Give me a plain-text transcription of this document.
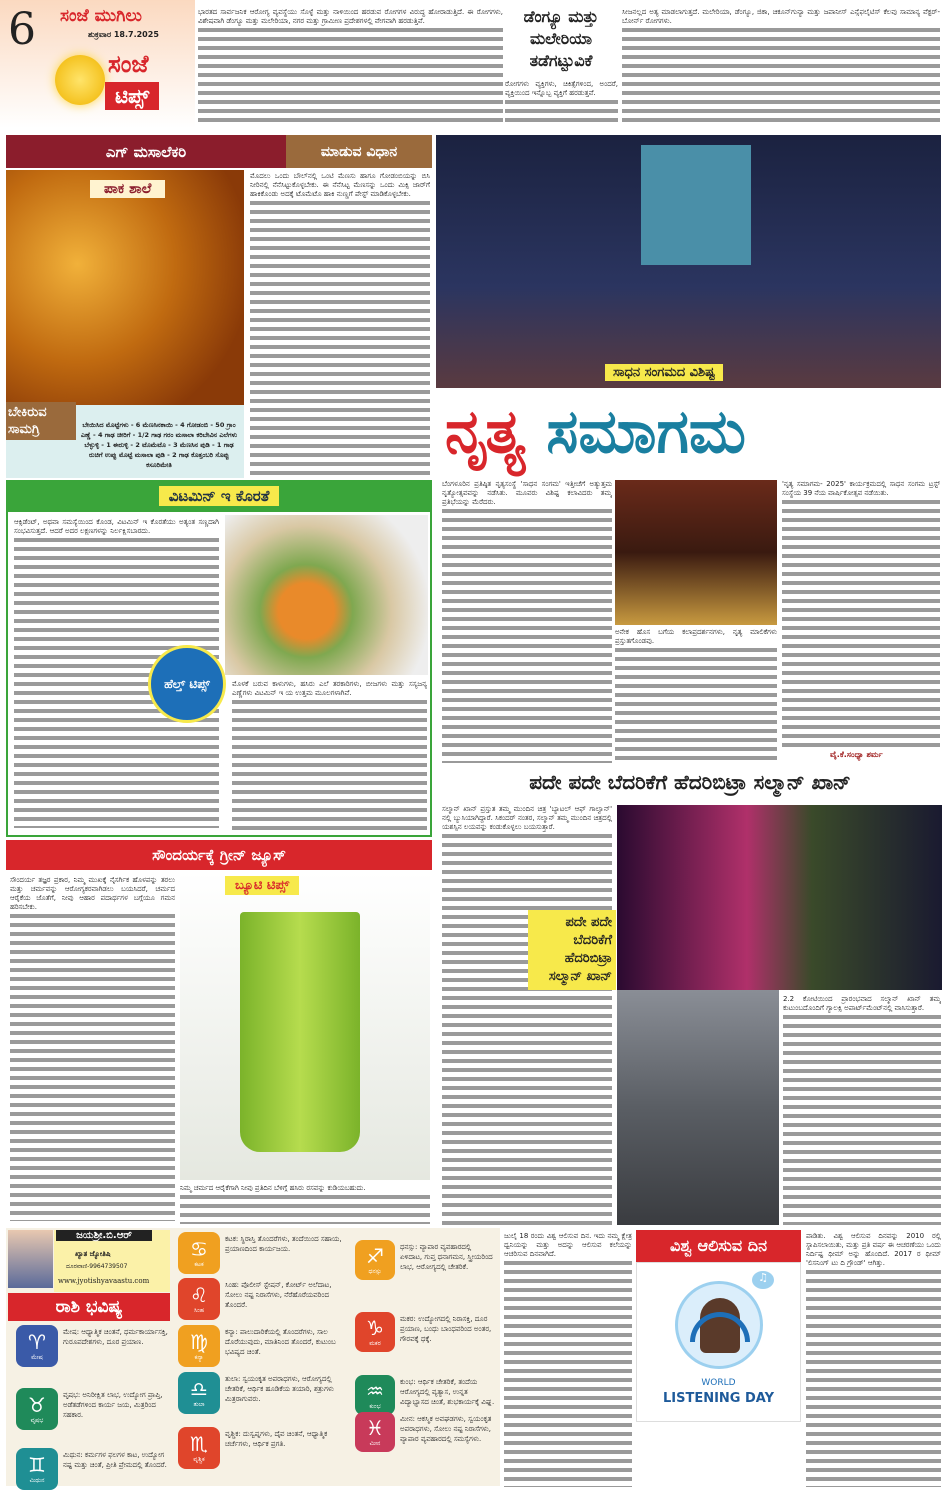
6 ಸಂಜೆ ಮುಗಿಲು
ಶುಕ್ರವಾರ 18.7.2025
ಸಂಜೆ
ಟಿಪ್ಸ್

ಭಾರತದ ಸಾರ್ವಜನಿಕ ಆರೋಗ್ಯ ವ್ಯವಸ್ಥೆಯು ಸೊಳ್ಳೆ ಮತ್ತು ನಾಳಿಯಿಂದ ಹರಡುವ ರೋಗಗಳ ವಿರುದ್ಧ ಹೋರಾಡುತ್ತಿದೆ. ಈ ರೋಗಗಳು, ವಿಶೇಷವಾಗಿ ಡೆಂಗ್ಯೂ ಮತ್ತು ಮಲೇರಿಯಾ, ನಗರ ಮತ್ತು ಗ್ರಾಮೀಣ ಪ್ರದೇಶಗಳಲ್ಲಿ ವೇಗವಾಗಿ ಹರಡುತ್ತಿವೆ.	ಡೆಂಗ್ಯೂ ಮತ್ತು ಮಲೇರಿಯಾ ತಡೆಗಟ್ಟುವಿಕೆ

ರೋಗಗಳು ವ್ಯಕ್ತಿಗಳು, ಚಿಕಿತ್ಸೆಗಳಿಂದ, ಅಂದರೆ, ವ್ಯಕ್ತಿಯಿಂದ ಇನ್ನೊಬ್ಬ ವ್ಯಕ್ತಿಗೆ ಹರಡುತ್ತವೆ.

ಸೀಜನಲ್ಲದ ಅತ್ಯ ಮಾಡಲಾಗುತ್ತದೆ. ಮಲೇರಿಯಾ, ಡೆಂಗ್ಯೂ, ಜಿಕಾ, ಚಿಕೂನ್‌ಗುನ್ಯಾ ಮತ್ತು ಜಪಾನೀಸ್ ಎನ್ಸೆಫಲೈಟಿಸ್ ಕೆಲವು ಸಾಮಾನ್ಯ ವೆಕ್ಟರ್-ಬೋರ್ನ್ ರೋಗಗಳು.

ಎಗ್ ಮಸಾಲೆಕರಿ	ಮಾಡುವ ವಿಧಾನ
ಪಾಕ ಶಾಲೆ
ಬೇಕಿರುವ ಸಾಮಗ್ರಿ	ಬೇಯಿಸಿದ ಮೊಟ್ಟೆಗಳು - 6 ಮೆಣಸಿನಕಾಯಿ - 4 ಗೋಡಂಬಿ - 50 ಗ್ರಾಂ ಎಣ್ಣೆ - 4 ಗಾಢ ಚೀರಿಗೆ - 1/2 ಗಾಢ ಗರಂ ಮಸಾಲಾ ಕರಿಬೇವಿನ ಎಲೆಗಳು ಬೆಳ್ಳುಳ್ಳಿ - 1 ಈರುಳ್ಳಿ - 2 ಟೊಮೆಟೊ - 3 ಮೆಣಸಿನ ಪುಡಿ - 1 ಗಾಢ ರುಚಿಗೆ ಉಪ್ಪು ಮೊಟ್ಟೆ ಮಸಾಲಾ ಪುಡಿ - 2 ಗಾಢ ಕೊತ್ತಂಬರಿ ಸೊಪ್ಪು ಕಸೂರಿಮೇತಿ

ಮೊದಲು ಒಂದು ಬೌಲ್‌ನಲ್ಲಿ ಒಂಟಿ ಮೆಣಸು ಹಾಗೂ ಗೋಡಂಬಿಯನ್ನು ಬಿಸಿ ನೀರಿನಲ್ಲಿ ನೆನೆಸಿಟ್ಟುಕೊಳ್ಳಬೇಕು. ಈ ನೆನೆಸಿಟ್ಟ ಮೆಣಸನ್ನು ಒಂದು ಮಿಕ್ಸಿ ಜಾರ್‌ಗೆ ಹಾಕಿಕೊಂಡು ಅದಕ್ಕೆ ಟೊಮೆಟೊ ಹಾಕಿ ನುಣ್ಣಗೆ ಪೇಸ್ಟ್ ಮಾಡಿಕೊಳ್ಳಬೇಕು.

ವಿಟಮಿನ್ ಇ ಕೊರತೆ

ಆಕ್ಸಿಡೆಂಟ್, ಅಥವಾ ಸಮಸ್ಯೆಯಿಂದ ಕೊಂಡ, ವಿಟಮಿನ್ ಇ ಕೊರತೆಯು ಅತ್ಯಂತ ಸಣ್ಣದಾಗಿ ಸಂಭವಿಸುತ್ತದೆ. ಆದರೆ ಅದರ ಲಕ್ಷಣಗಳನ್ನು ನಿರ್ಲಕ್ಷಿಸಬಾರದು.

ಹೆಲ್ತ್ ಟಿಪ್ಸ್	ಮೊಳಕೆ ಬರುವ ಕಾಳುಗಳು, ಹಸಿರು ಎಲೆ ತರಕಾರಿಗಳು, ಬೀಜಗಳು ಮತ್ತು ಸಸ್ಯಜನ್ಯ ಎಣ್ಣೆಗಳು ವಿಟಮಿನ್ ಇ ಯ ಉತ್ತಮ ಮೂಲಗಳಾಗಿವೆ.

ಸೌಂದರ್ಯಕ್ಕೆ ಗ್ರೀನ್ ಜ್ಯೂಸ್
ಬ್ಯೂಟಿ ಟಿಪ್ಸ್

ಸೌಂದರ್ಯ ತಜ್ಞರ ಪ್ರಕಾರ, ನಿಮ್ಮ ಮುಖಕ್ಕೆ ನೈಸರ್ಗಿಕ ಹೊಳಪನ್ನು ತರಲು ಮತ್ತು ಚರ್ಮವನ್ನು ಆರೋಗ್ಯಕರವಾಗಿಡಲು ಬಯಸಿದರೆ, ಚರ್ಮದ ಆರೈಕೆಯ ಜೊತೆಗೆ, ನೀವು ಆಹಾರ ಪದಾರ್ಥಗಳ ಬಗ್ಗೆಯೂ ಗಮನ ಹರಿಸಬೇಕು.

ನಿಮ್ಮ ಚರ್ಮದ ಆರೈಕೆಗಾಗಿ ನೀವು ಪ್ರತಿದಿನ ಬೆಳಿಗ್ಗೆ ಹಸಿರು ರಸವನ್ನು ಕುಡಿಯಬಹುದು.

ಸಾಧನ ಸಂಗಮದ ವಿಶಿಷ್ಟ
ನೃತ್ಯ ಸಮಾಗಮ

ಬೆಂಗಳೂರಿನ ಪ್ರತಿಷ್ಠಿತ ನೃತ್ಯಸಂಸ್ಥೆ 'ಸಾಧನ ಸಂಗಮ' ಇತ್ತೀಚೆಗೆ ಅತ್ಯುತ್ತಮ ನೃತ್ಯೋತ್ಸವವನ್ನು ನಡೆಸಿತು. ಮೂವರು ವಿಶಿಷ್ಟ ಕಲಾವಿದರು ತಮ್ಮ ಪ್ರತಿಭೆಯನ್ನು ಮೆರೆದರು.

ಅನೇಕ ಹೊಸ ಬಗೆಯ ಕಲಾಪ್ರದರ್ಶನಗಳು, ನೃತ್ಯ ಮಾಲಿಕೆಗಳು ಪ್ರಸ್ತುತಗೊಂಡವು.

'ನೃತ್ಯ ಸಮಾಗಮ- 2025' ಕಾರ್ಯಕ್ರಮದಲ್ಲಿ ಸಾಧನ ಸಂಗಮ ಟ್ರಸ್ಟ್ ಸಂಸ್ಥೆಯ 39 ನೆಯ ವಾರ್ಷಿಕೋತ್ಸವ ನಡೆಯಿತು.

ವೈ.ಕೆ.ಸಂಧ್ಯಾ ಶರ್ಮ
ಪದೇ ಪದೇ ಬೆದರಿಕೆಗೆ ಹೆದರಿಬಿಟ್ರಾ ಸಲ್ಮಾನ್ ಖಾನ್

ಸಲ್ಮಾನ್ ಖಾನ್ ಪ್ರಸ್ತುತ ತಮ್ಮ ಮುಂದಿನ ಚಿತ್ರ 'ಬ್ಯಾಟಲ್ ಆಫ್ ಗಾಲ್ವಾನ್' ನಲ್ಲಿ ಬ್ಯುಸಿಯಾಗಿದ್ದಾರೆ. ಸಿಕಂದರ್ ನಂತರ, ಸಲ್ಮಾನ್ ತಮ್ಮ ಮುಂದಿನ ಚಿತ್ರದಲ್ಲಿ ಯಶಸ್ಸಿನ ಲಯವನ್ನು ಕಂಡುಕೊಳ್ಳಲು ಬಯಸುತ್ತಾರೆ.

ಪದೇ ಪದೇ ಬೆದರಿಕೆಗೆ ಹೆದರಿಬಿಟ್ರಾ ಸಲ್ಮಾನ್ ಖಾನ್

2.2 ಕೋಟಿಯಿಂದ ಪ್ರಾರಂಭವಾದ ಸಲ್ಮಾನ್ ಖಾನ್ ತಮ್ಮ ಕುಟುಂಬದೊಂದಿಗೆ ಗ್ಯಾಲಕ್ಸಿ ಅಪಾರ್ಟ್‌ಮೆಂಟ್‌ನಲ್ಲಿ ವಾಸಿಸುತ್ತಾರೆ.

ಜಯಶ್ರೀ.ಬಿ.ಆರ್
ಖ್ಯಾತ ಜ್ಯೋತಿಷಿ
ದೂರವಾಣಿ-9964739507
www.jyotishyavaastu.com
ರಾಶಿ ಭವಿಷ್ಯ
♈
ಮೇಷ
ಮೇಷ: ಆಧ್ಯಾತ್ಮಿಕ ಚಿಂತನೆ, ಧರ್ಮಕಾರ್ಯಾಸಕ್ತಿ, ಗುರೂಪದೇಶಗಳು, ದೂರ ಪ್ರಯಾಣ.
♉
ವೃಷಭ
ವೃಷಭ: ಅನಿರೀಕ್ಷಿತ ಲಾಭ, ಉದ್ಯೋಗ ಪ್ರಾಪ್ತಿ, ಅಡೆತಡೆಗಳಿಂದ ಕಾರ್ಯ ಜಯ, ಮಿತ್ರರಿಂದ ಸಹಕಾರ.
♊
ಮಿಥುನ
ಮಿಥುನ: ಕರ್ಮಗಳ ಫಲಗಳ ಕಾಟ, ಉದ್ಯೋಗ ನಷ್ಟ ಮತ್ತು ಚಿಂತೆ, ಪ್ರೀತಿ ಪ್ರೇಮದಲ್ಲಿ ತೊಂದರೆ.
♋
ಕಟಕ
ಕಟಕ: ಸ್ಥಿರಾಸ್ತಿ ತೊಂದರೆಗಳು, ತಂದೆಯಿಂದ ಸಹಾಯ, ಪ್ರಯಾಣದಿಂದ ಕಾರ್ಯಜಯ.
♌
ಸಿಂಹ
ಸಿಂಹ: ಪೊಲೀಸ್ ಸ್ಟೇಷನ್, ಕೋರ್ಟ್ ಅಲೆದಾಟ, ಸೋಲು ನಷ್ಟ ನಿರಾಸೆಗಳು, ನೆರೆಹೊರೆಯವರಿಂದ ತೊಂದರೆ.
♍
ಕನ್ಯಾ
ಕನ್ಯಾ: ಪಾಲುದಾರಿಕೆಯಲ್ಲಿ ತೊಂದರೆಗಳು, ಸಾಲ ದೊರೆಯುವುದು, ಮಾತಿನಿಂದ ತೊಂದರೆ, ಕುಟುಂಬ ಭವಿಷ್ಯದ ಚಿಂತೆ.
♎
ತುಲಾ
ತುಲಾ: ಸ್ವಯಂಕೃತ ಅಪರಾಧಗಳು, ಆರೋಗ್ಯದಲ್ಲಿ ಚೇತರಿಕೆ, ಆರ್ಥಿಕ ಹೂಡಿಕೆಯ ತಯಾರಿ, ಶತ್ರುಗಳು ಮಿತ್ರರಾಗುವರು.
♏
ವೃಶ್ಚಿಕ
ವೃಶ್ಚಿಕ: ದುಸ್ವಪ್ನಗಳು, ದೈವ ಚಿಂತನೆ, ಆಧ್ಯಾತ್ಮಿಕ ಚರ್ಚೆಗಳು, ಆರ್ಥಿಕ ಪ್ರಗತಿ.
♐
ಧನಸ್ಸು
ಧನಸ್ಸು: ವ್ಯಾಪಾರ ವ್ಯವಹಾರದಲ್ಲಿ ಏಳಿದಾಟ, ಗುಪ್ತ ಧನಾಗಮನ, ಸ್ತ್ರೀಯರಿಂದ ಲಾಭ, ಆರೋಗ್ಯದಲ್ಲಿ ಚೇತರಿಕೆ.
♑
ಮಕರ
ಮಕರ: ಉದ್ಯೋಗದಲ್ಲಿ ನಿರಾಸಕ್ತಿ, ದೂರ ಪ್ರಯಾಣ, ಬಂಧು ಬಾಂಧವರಿಂದ ಅಂತರ, ಗೌರವಕ್ಕೆ ಧಕ್ಕೆ.
♒
ಕುಂಭ
ಕುಂಭ: ಆರ್ಥಿಕ ಚೇತರಿಕೆ, ತಂದೆಯ ಆರೋಗ್ಯದಲ್ಲಿ ವ್ಯತ್ಯಾಸ, ಉನ್ನತ ವಿದ್ಯಾಭ್ಯಾಸದ ಚಿಂತೆ, ಶುಭಕಾರ್ಯಕ್ಕೆ ವಿಘ್ನ.
♓
ಮೀನ
ಮೀನ: ಆಕಸ್ಮಿಕ ಅವಘಡಗಳು, ಸ್ವಯಂಕೃತ ಅಪರಾಧಗಳು, ಸೋಲು ನಷ್ಟ ನಿರಾಸೆಗಳು, ವ್ಯಾಪಾರ ವ್ಯವಹಾರದಲ್ಲಿ ಸಮಸ್ಯೆಗಳು.

ಜುಲೈ 18 ರಂದು ವಿಶ್ವ ಆಲಿಸುವ ದಿನ. ಇದು ನಮ್ಮ ಕ್ಷೇತ್ರ ಧ್ವನಿಯನ್ನು ಮತ್ತು ಅದನ್ನು ಆಲಿಸುವ ಕಲೆಯನ್ನು ಆಚರಿಸುವ ದಿನವಾಗಿದೆ.	ವಿಶ್ವ ಆಲಿಸುವ ದಿನ
♫
WORLD
LISTENING DAY

ಪಾಡಿತು. ವಿಶ್ವ ಆಲಿಸುವ ದಿನವನ್ನು 2010 ರಲ್ಲಿ ಸ್ಥಾಪಿಸಲಾಯಿತು, ಮತ್ತು ಪ್ರತಿ ವರ್ಷ ಈ ಆಚರಣೆಯು ಒಂದು ನಿರ್ದಿಷ್ಟ ಥೀಮ್ ಅನ್ನು ಹೊಂದಿದೆ. 2017 ರ ಥೀಮ್ 'ಲಿಸನಿಂಗ್ ಟು ದಿ ಗ್ರೌಂಡ್' ಆಗಿತ್ತು.
